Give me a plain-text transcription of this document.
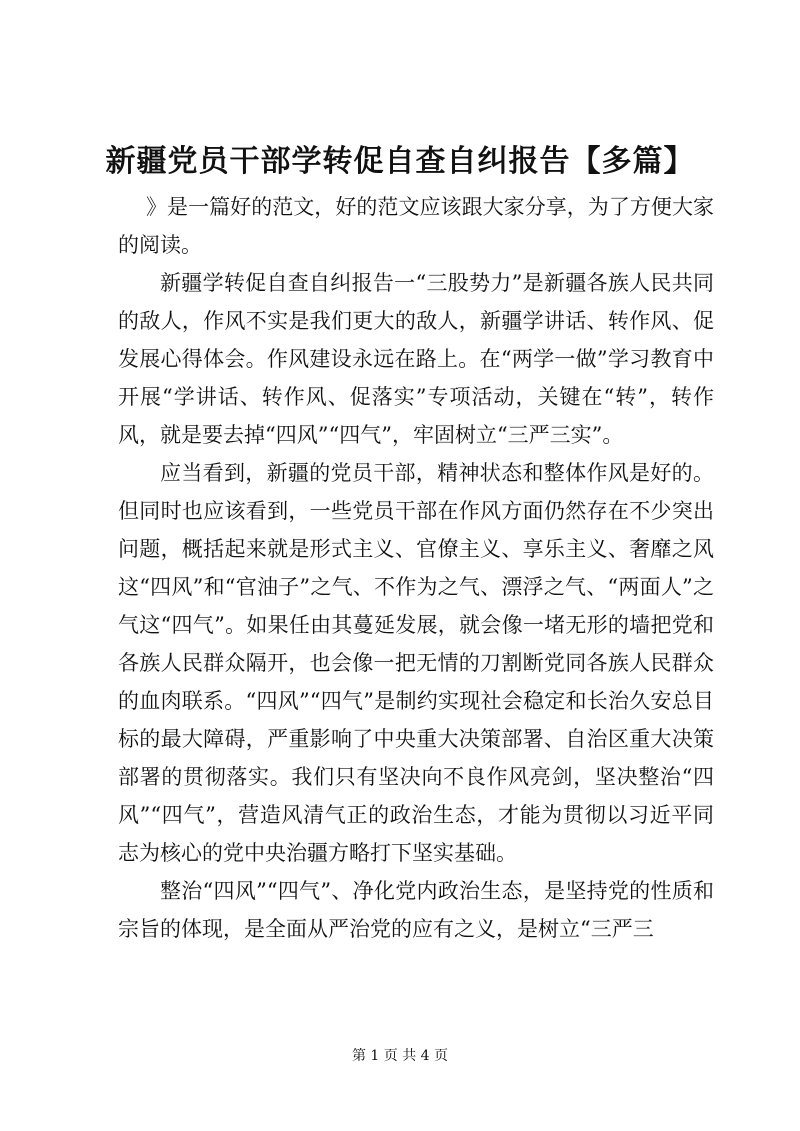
新疆党员干部学转促自查自纠报告【多篇】

》是一篇好的范文，好的范文应该跟大家分享，为了方便大家的阅读。

新疆学转促自查自纠报告一“三股势力”是新疆各族人民共同的敌人，作风不实是我们更大的敌人，新疆学讲话、转作风、促发展心得体会。作风建设永远在路上。在“两学一做”学习教育中开展“学讲话、转作风、促落实”专项活动，关键在“转”，转作风，就是要去掉“四风”“四气”，牢固树立“三严三实”。

应当看到，新疆的党员干部，精神状态和整体作风是好的。但同时也应该看到，一些党员干部在作风方面仍然存在不少突出问题，概括起来就是形式主义、官僚主义、享乐主义、奢靡之风这“四风”和“官油子”之气、不作为之气、漂浮之气、“两面人”之气这“四气”。如果任由其蔓延发展，就会像一堵无形的墙把党和各族人民群众隔开，也会像一把无情的刀割断党同各族人民群众的血肉联系。“四风”“四气”是制约实现社会稳定和长治久安总目标的最大障碍，严重影响了中央重大决策部署、自治区重大决策部署的贯彻落实。我们只有坚决向不良作风亮剑，坚决整治“四风”“四气”，营造风清气正的政治生态，才能为贯彻以习近平同志为核心的党中央治疆方略打下坚实基础。

整治“四风”“四气”、净化党内政治生态，是坚持党的性质和宗旨的体现，是全面从严治党的应有之义，是树立“三严三

第 1 页 共 4 页
